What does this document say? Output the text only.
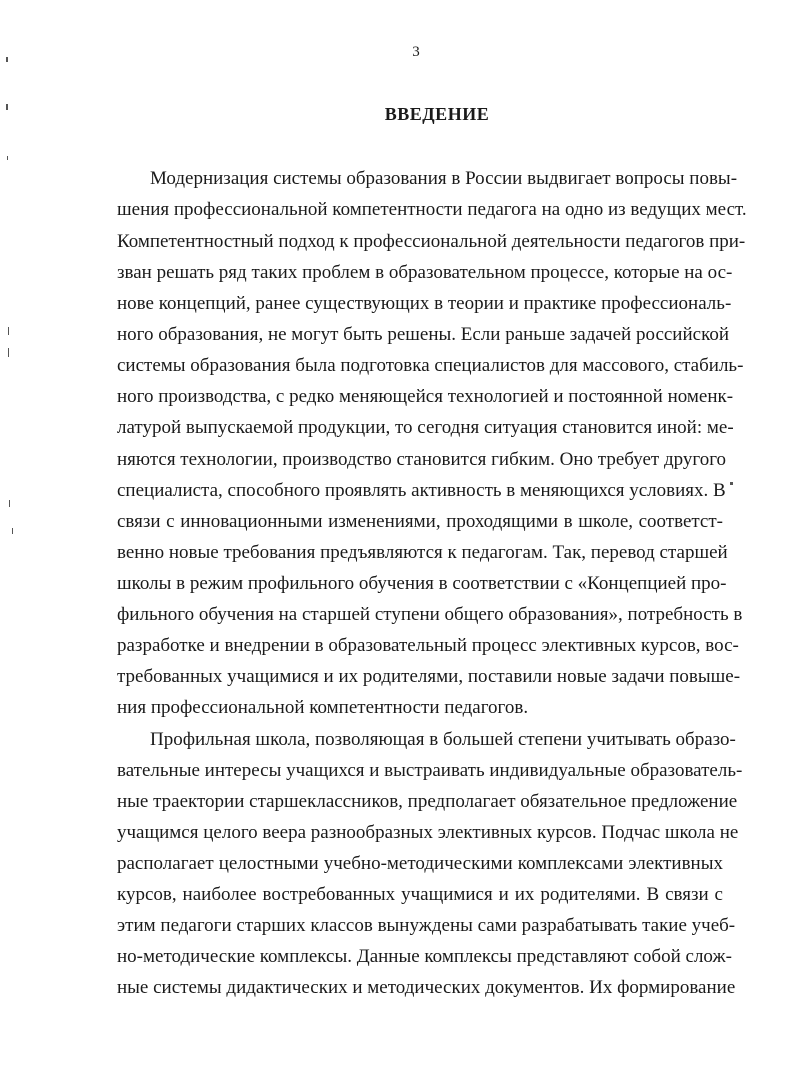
3
ВВЕДЕНИЕ
Модернизация системы образования в России выдвигает вопросы повы-
шения профессиональной компетентности педагога на одно из ведущих мест.
Компетентностный подход к профессиональной деятельности педагогов при-
зван решать ряд таких проблем в образовательном процессе, которые на ос-
нове концепций, ранее существующих в теории и практике профессиональ-
ного образования, не могут быть решены. Если раньше задачей российской
системы образования была подготовка специалистов для массового, стабиль-
ного производства, с редко меняющейся технологией и постоянной номенк-
латурой выпускаемой продукции, то сегодня ситуация становится иной: ме-
няются технологии, производство становится гибким. Оно требует другого
специалиста, способного проявлять активность в меняющихся условиях. В
связи с инновационными изменениями, проходящими в школе, соответст-
венно новые требования предъявляются к педагогам. Так, перевод старшей
школы в режим профильного обучения в соответствии с «Концепцией про-
фильного обучения на старшей ступени общего образования», потребность в
разработке и внедрении в образовательный процесс элективных курсов, вос-
требованных учащимися и их родителями, поставили новые задачи повыше-
ния профессиональной компетентности педагогов.
Профильная школа, позволяющая в большей степени учитывать образо-
вательные интересы учащихся и выстраивать индивидуальные образователь-
ные траектории старшеклассников, предполагает обязательное предложение
учащимся целого веера разнообразных элективных курсов. Подчас школа не
располагает целостными учебно-методическими комплексами элективных
курсов, наиболее востребованных учащимися и их родителями. В связи с
этим педагоги старших классов вынуждены сами разрабатывать такие учеб-
но-методические комплексы. Данные комплексы представляют собой слож-
ные системы дидактических и методических документов. Их формирование
